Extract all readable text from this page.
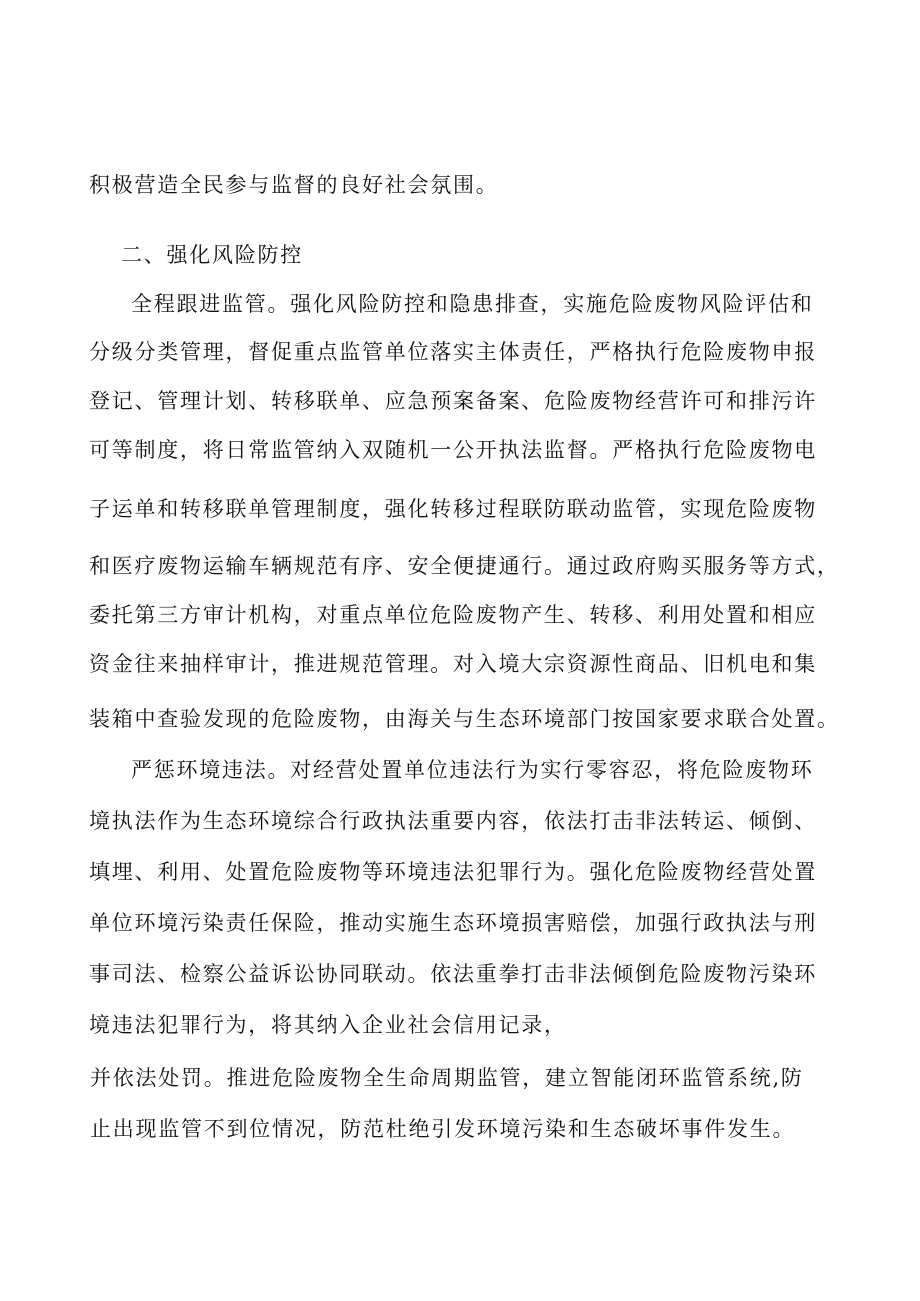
积极营造全民参与监督的良好社会氛围。
二、强化风险防控
全程跟进监管。强化风险防控和隐患排查，实施危险废物风险评估和
分级分类管理，督促重点监管单位落实主体责任，严格执行危险废物申报
登记、管理计划、转移联单、应急预案备案、危险废物经营许可和排污许
可等制度，将日常监管纳入双随机一公开执法监督。严格执行危险废物电
子运单和转移联单管理制度，强化转移过程联防联动监管，实现危险废物
和医疗废物运输车辆规范有序、安全便捷通行。通过政府购买服务等方式，
委托第三方审计机构，对重点单位危险废物产生、转移、利用处置和相应
资金往来抽样审计，推进规范管理。对入境大宗资源性商品、旧机电和集
装箱中查验发现的危险废物，由海关与生态环境部门按国家要求联合处置。
严惩环境违法。对经营处置单位违法行为实行零容忍，将危险废物环
境执法作为生态环境综合行政执法重要内容，依法打击非法转运、倾倒、
填埋、利用、处置危险废物等环境违法犯罪行为。强化危险废物经营处置
单位环境污染责任保险，推动实施生态环境损害赔偿，加强行政执法与刑
事司法、检察公益诉讼协同联动。依法重拳打击非法倾倒危险废物污染环
境违法犯罪行为，将其纳入企业社会信用记录，
并依法处罚。推进危险废物全生命周期监管，建立智能闭环监管系统,防
止出现监管不到位情况，防范杜绝引发环境污染和生态破坏事件发生。
